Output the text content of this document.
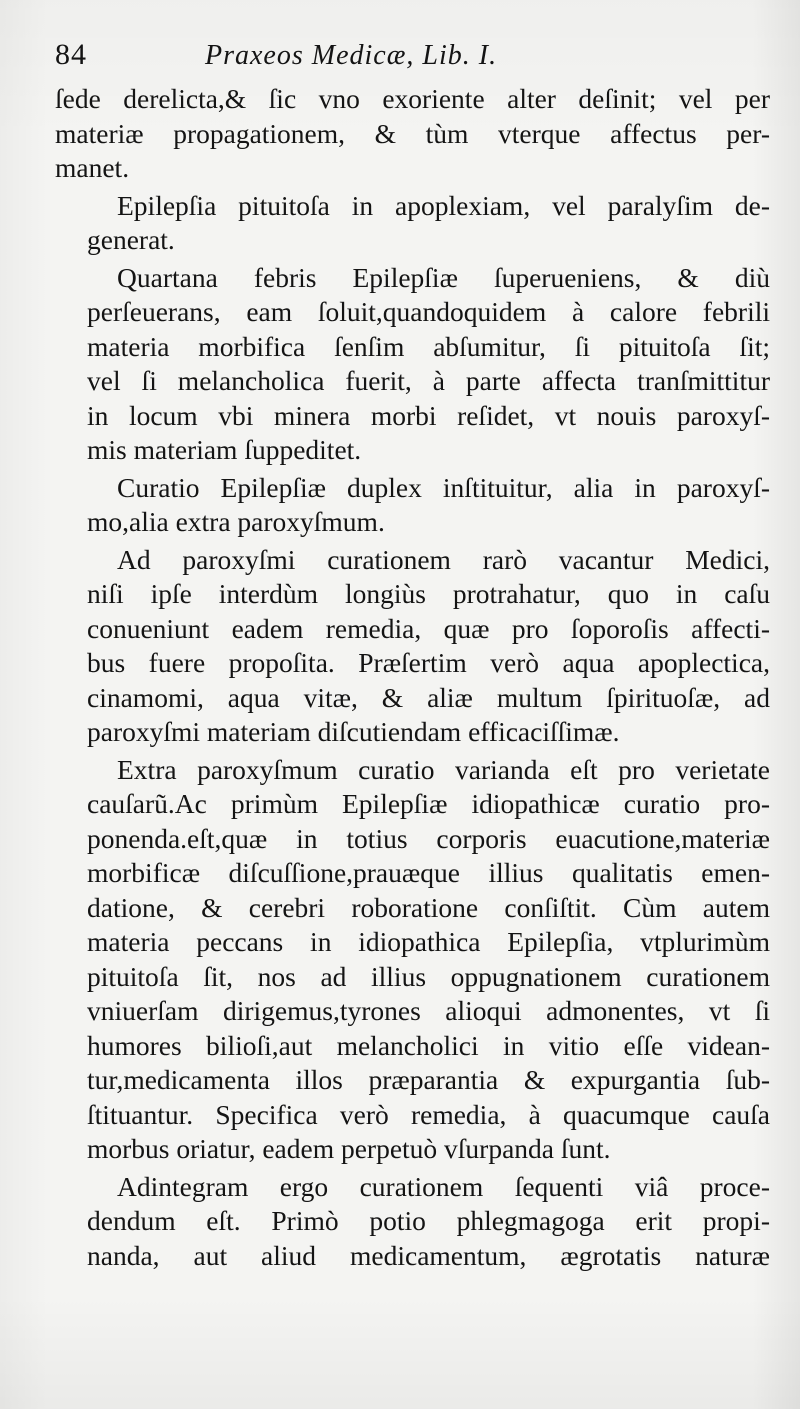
84	Praxeos Medicæ, Lib. I.
ſede derelicta,& ſic vno exoriente alter deſinit; vel per
materiæ propagationem, & tùm vterque affectus per-
manet.
Epilepſia pituitoſa in apoplexiam, vel paralyſim de-
generat.
Quartana febris Epilepſiæ ſuperueniens, & diù
perſeuerans, eam ſoluit,quandoquidem à calore febrili
materia morbifica ſenſim abſumitur, ſi pituitoſa ſit;
vel ſi melancholica fuerit, à parte affecta tranſmittitur
in locum vbi minera morbi reſidet, vt nouis paroxyſ-
mis materiam ſuppeditet.
Curatio Epilepſiæ duplex inſtituitur, alia in paroxyſ-
mo,alia extra paroxyſmum.
Ad paroxyſmi curationem rarò vacantur Medici,
niſi ipſe interdùm longiùs protrahatur, quo in caſu
conueniunt eadem remedia, quæ pro ſoporoſis affecti-
bus fuere propoſita. Præſertim verò aqua apoplectica,
cinamomi, aqua vitæ, & aliæ multum ſpirituoſæ, ad
paroxyſmi materiam diſcutiendam efficaciſſimæ.
Extra paroxyſmum curatio varianda eſt pro verietate
cauſarũ.Ac primùm Epilepſiæ idiopathicæ curatio pro-
ponenda.eſt,quæ in totius corporis euacutione,materiæ
morbificæ diſcuſſione,prauæque illius qualitatis emen-
datione, & cerebri roboratione conſiſtit. Cùm autem
materia peccans in idiopathica Epilepſia, vtplurimùm
pituitoſa ſit, nos ad illius oppugnationem curationem
vniuerſam dirigemus,tyrones alioqui admonentes, vt ſi
humores bilioſi,aut melancholici in vitio eſſe videan-
tur,medicamenta illos præparantia & expurgantia ſub-
ſtituantur. Specifica verò remedia, à quacumque cauſa
morbus oriatur, eadem perpetuò vſurpanda ſunt.
Adintegram ergo curationem ſequenti viâ proce-
dendum eſt. Primò potio phlegmagoga erit propi-
nanda, aut aliud medicamentum, ægrotatis naturæ
